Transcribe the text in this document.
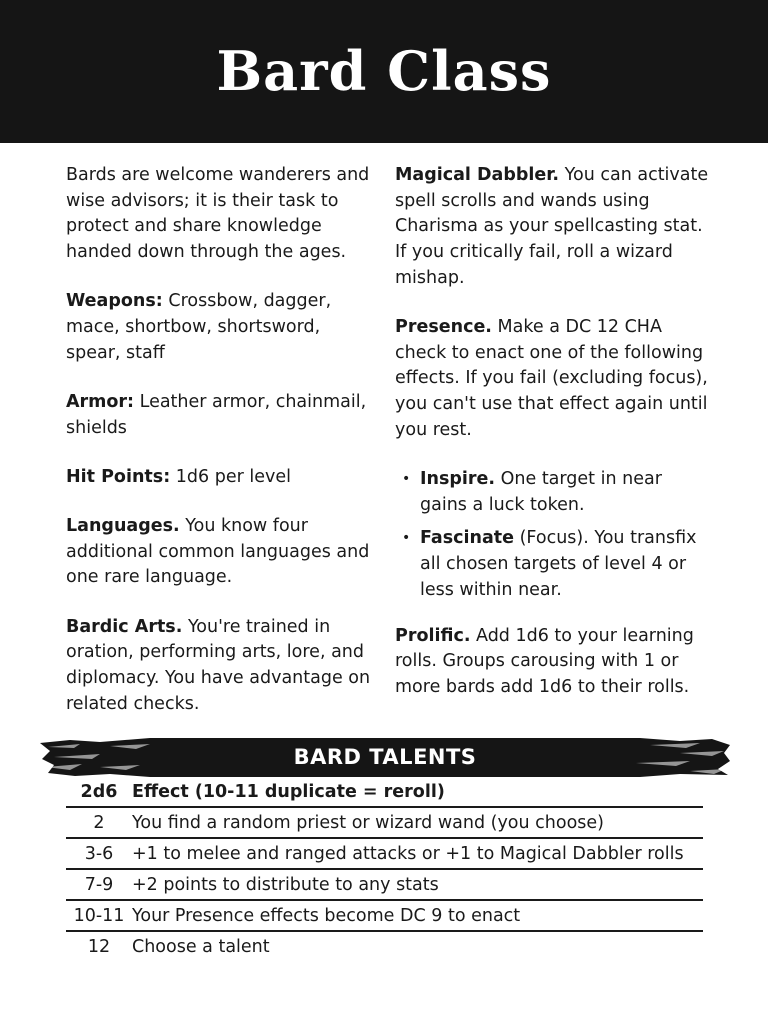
Bard Class

Bards are welcome wanderers and wise advisors; it is their task to protect and share knowledge handed down through the ages.

Weapons: Crossbow, dagger, mace, shortbow, shortsword, spear, staff

Armor: Leather armor, chainmail, shields

Hit Points: 1d6 per level

Languages. You know four additional common languages and one rare language.

Bardic Arts. You're trained in oration, performing arts, lore, and diplomacy. You have advantage on related checks.

Magical Dabbler. You can activate spell scrolls and wands using Charisma as your spellcasting stat. If you critically fail, roll a wizard mishap.

Presence. Make a DC 12 CHA check to enact one of the following effects. If you fail (excluding focus), you can't use that effect again until you rest.

• Inspire. One target in near gains a luck token.
• Fascinate (Focus). You transfix all chosen targets of level 4 or less within near.

Prolific. Add 1d6 to your learning rolls. Groups carousing with 1 or more bards add 1d6 to their rolls.

BARD TALENTS
2d6	Effect (10-11 duplicate = reroll)
2	You find a random priest or wizard wand (you choose)
3-6	+1 to melee and ranged attacks or +1 to Magical Dabbler rolls
7-9	+2 points to distribute to any stats
10-11	Your Presence effects become DC 9 to enact
12	Choose a talent
